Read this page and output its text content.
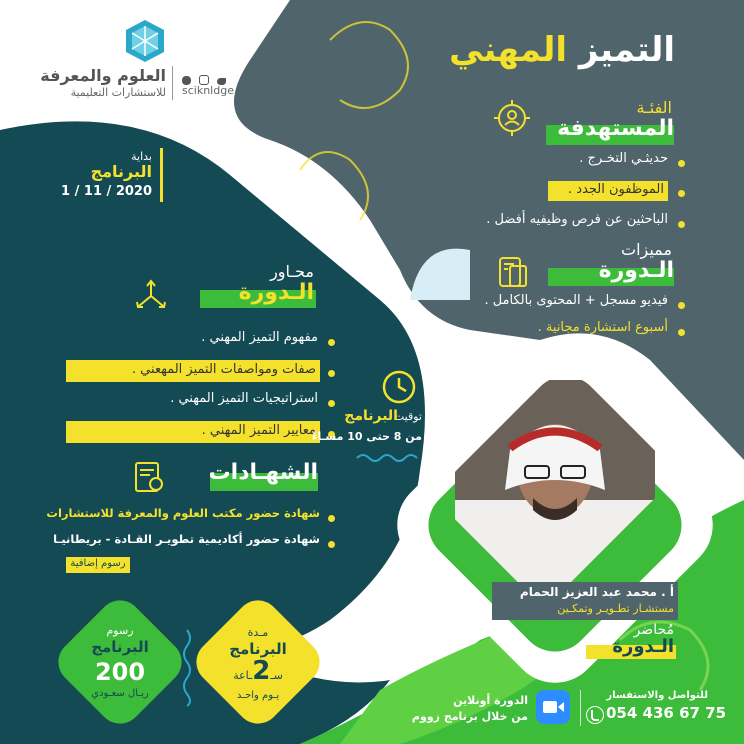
العلوم والمعرفة
للاستشارات التعليمية
sciknldge
التميز المهني
بداية
البرنامج
2020 / 11 / 1
الفئـة
المستهدفة
حديثـي التخـرج .
الموظفون الجدد .
الباحثين عن فرص وظيفيه أفضل .
مميزات
الـدورة
فيديو مسجل + المحتوى بالكامل .
أسبوع استشارة مجانية .
محـاور
الـدورة
مفهوم التميز المهني .
صفات ومواصفات التميز المهعني .
استراتيجيات التميز المهني .
معايير التميز المهني .
توقيت
البرنامج
من 8 حتى 10 مسـاءً
الشهـادات
شهادة حضور مكتب العلوم والمعرفة للاستشارات
شهادة حضور أكاديمية تطويـر القـادة - بريطانيـا
رسوم إضافية
أ . محمد عبد العزيز الحمام
مستشـار تطـويـر وتمكـين
مُحاضر
الـدورة
مـدة
البرنامج
سـ2ـاعة
يـوم واحـد
رسوم
البرنامج
200
ريـال سعـودي
الدورة أونلاين
من خلال برنامج زووم
للتواصل والاستفسار
054 436 67 75
